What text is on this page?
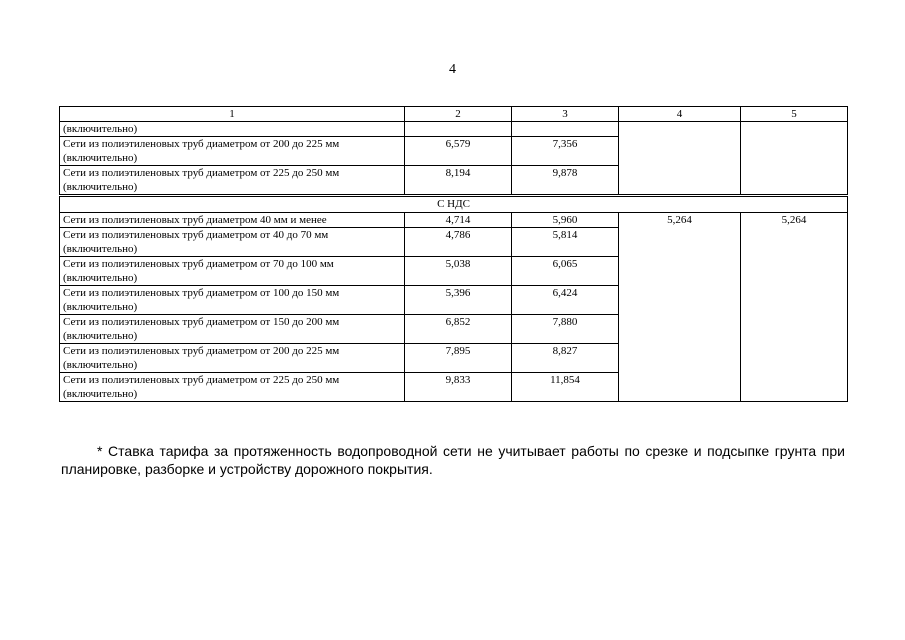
4
1	2	3	4	5
(включительно)				
Сети из полиэтиленовых труб диаметром от 200 до 225 мм (включительно)	6,579	7,356		
Сети из полиэтиленовых труб диаметром от 225 до 250 мм (включительно)	8,194	9,878		

С НДС				
Сети из полиэтиленовых труб диаметром 40 мм и менее	4,714	5,960	5,264	5,264
Сети из полиэтиленовых труб диаметром от 40 до 70 мм (включительно)	4,786	5,814		
Сети из полиэтиленовых труб диаметром от 70 до 100 мм (включительно)	5,038	6,065		
Сети из полиэтиленовых труб диаметром от 100 до 150 мм (включительно)	5,396	6,424		
Сети из полиэтиленовых труб диаметром от 150 до 200 мм (включительно)	6,852	7,880		
Сети из полиэтиленовых труб диаметром от 200 до 225 мм (включительно)	7,895	8,827		
Сети из полиэтиленовых труб диаметром от 225 до 250 мм (включительно)	9,833	11,854		

* Ставка тарифа за протяженность водопроводной сети не учитывает работы по срезке и подсыпке грунта при планировке, разборке и устройству дорожного покрытия.
